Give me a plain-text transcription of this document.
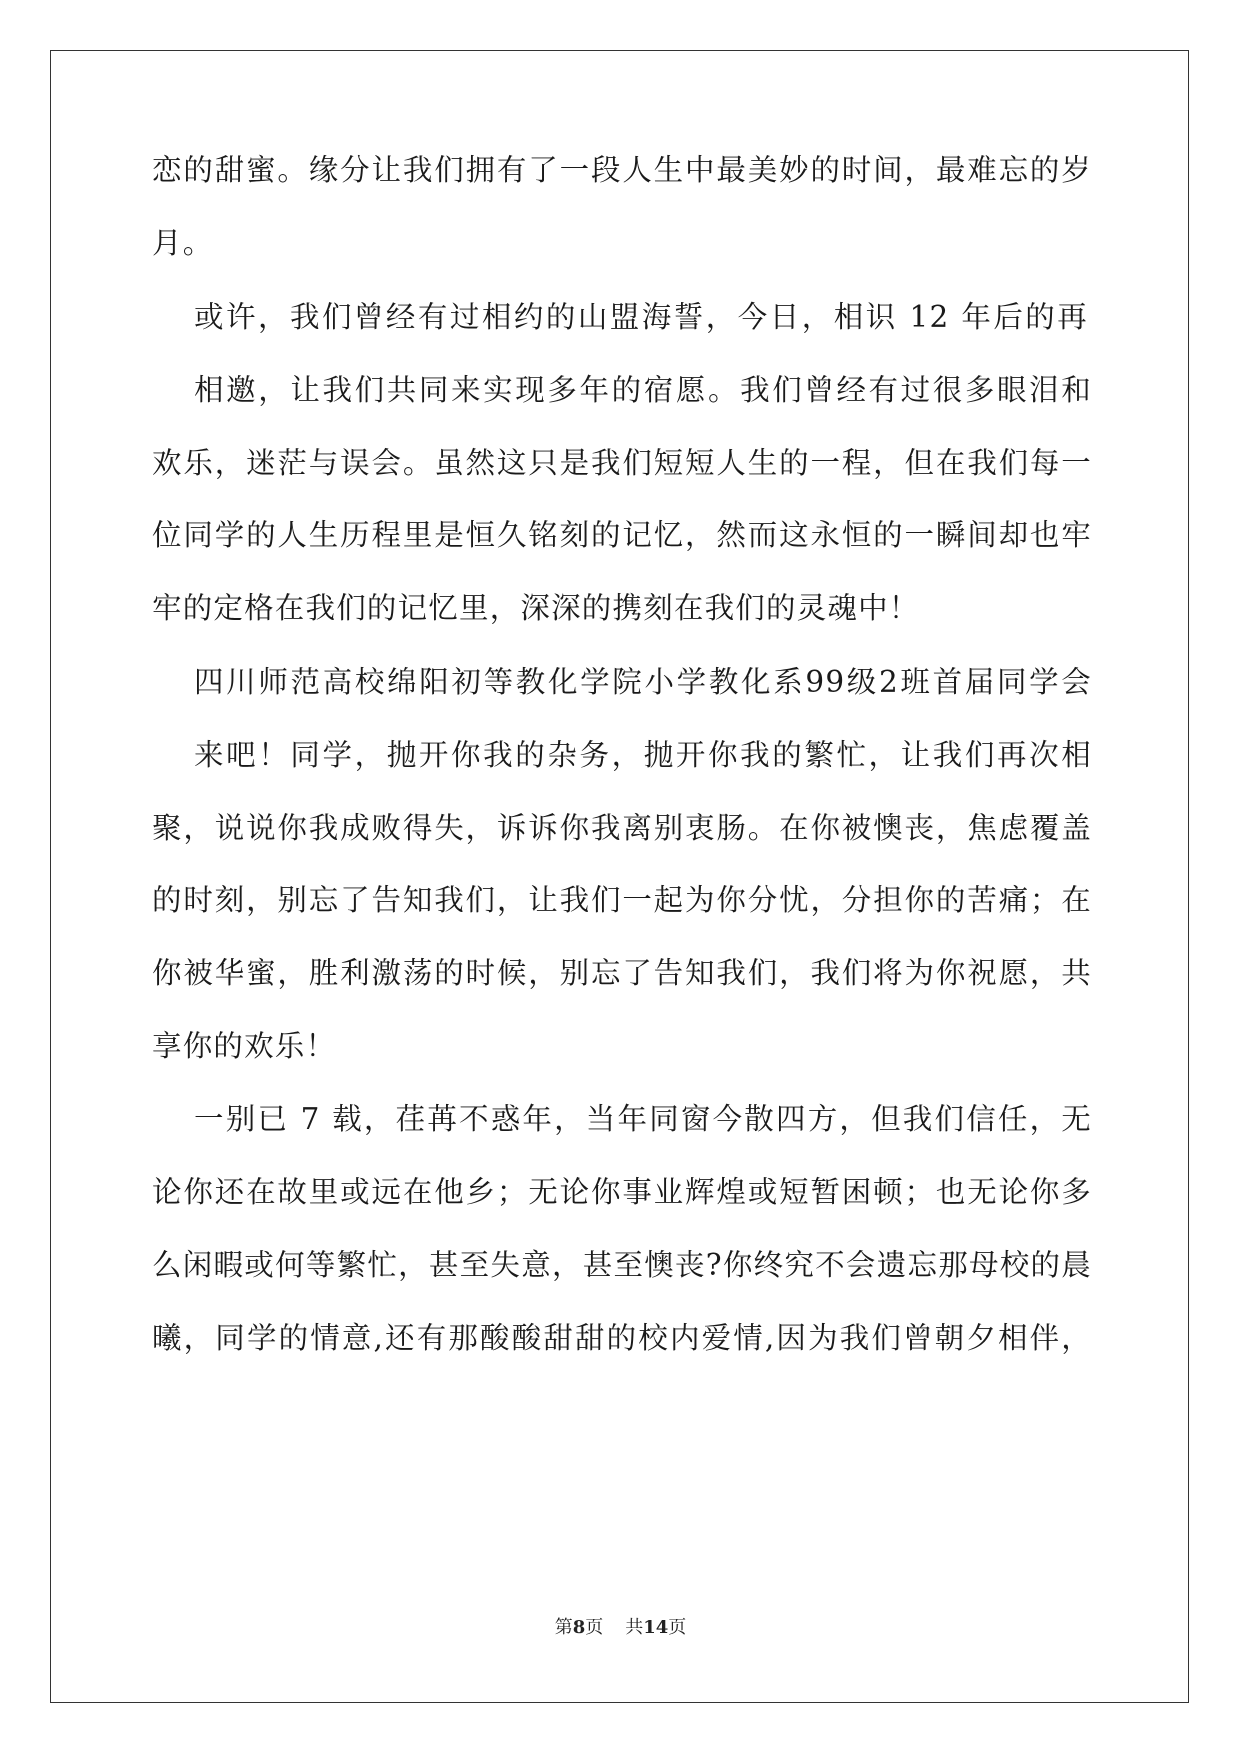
恋的甜蜜。缘分让我们拥有了一段人生中最美妙的时间，最难忘的岁
月。
或许，我们曾经有过相约的山盟海誓，今日，相识 12 年后的再
相邀，让我们共同来实现多年的宿愿。我们曾经有过很多眼泪和
欢乐，迷茫与误会。虽然这只是我们短短人生的一程，但在我们每一
位同学的人生历程里是恒久铭刻的记忆，然而这永恒的一瞬间却也牢
牢的定格在我们的记忆里，深深的携刻在我们的灵魂中！
四川师范高校绵阳初等教化学院小学教化系99级2班首届同学会
来吧！同学，抛开你我的杂务，抛开你我的繁忙，让我们再次相
聚，说说你我成败得失，诉诉你我离别衷肠。在你被懊丧，焦虑覆盖
的时刻，别忘了告知我们，让我们一起为你分忧，分担你的苦痛；在
你被华蜜，胜利激荡的时候，别忘了告知我们，我们将为你祝愿，共
享你的欢乐！
一别已 7 载，荏苒不惑年，当年同窗今散四方，但我们信任，无
论你还在故里或远在他乡；无论你事业辉煌或短暂困顿；也无论你多
么闲暇或何等繁忙，甚至失意，甚至懊丧?你终究不会遗忘那母校的晨
曦，同学的情意,还有那酸酸甜甜的校内爱情,因为我们曾朝夕相伴，
第8页 共14页
